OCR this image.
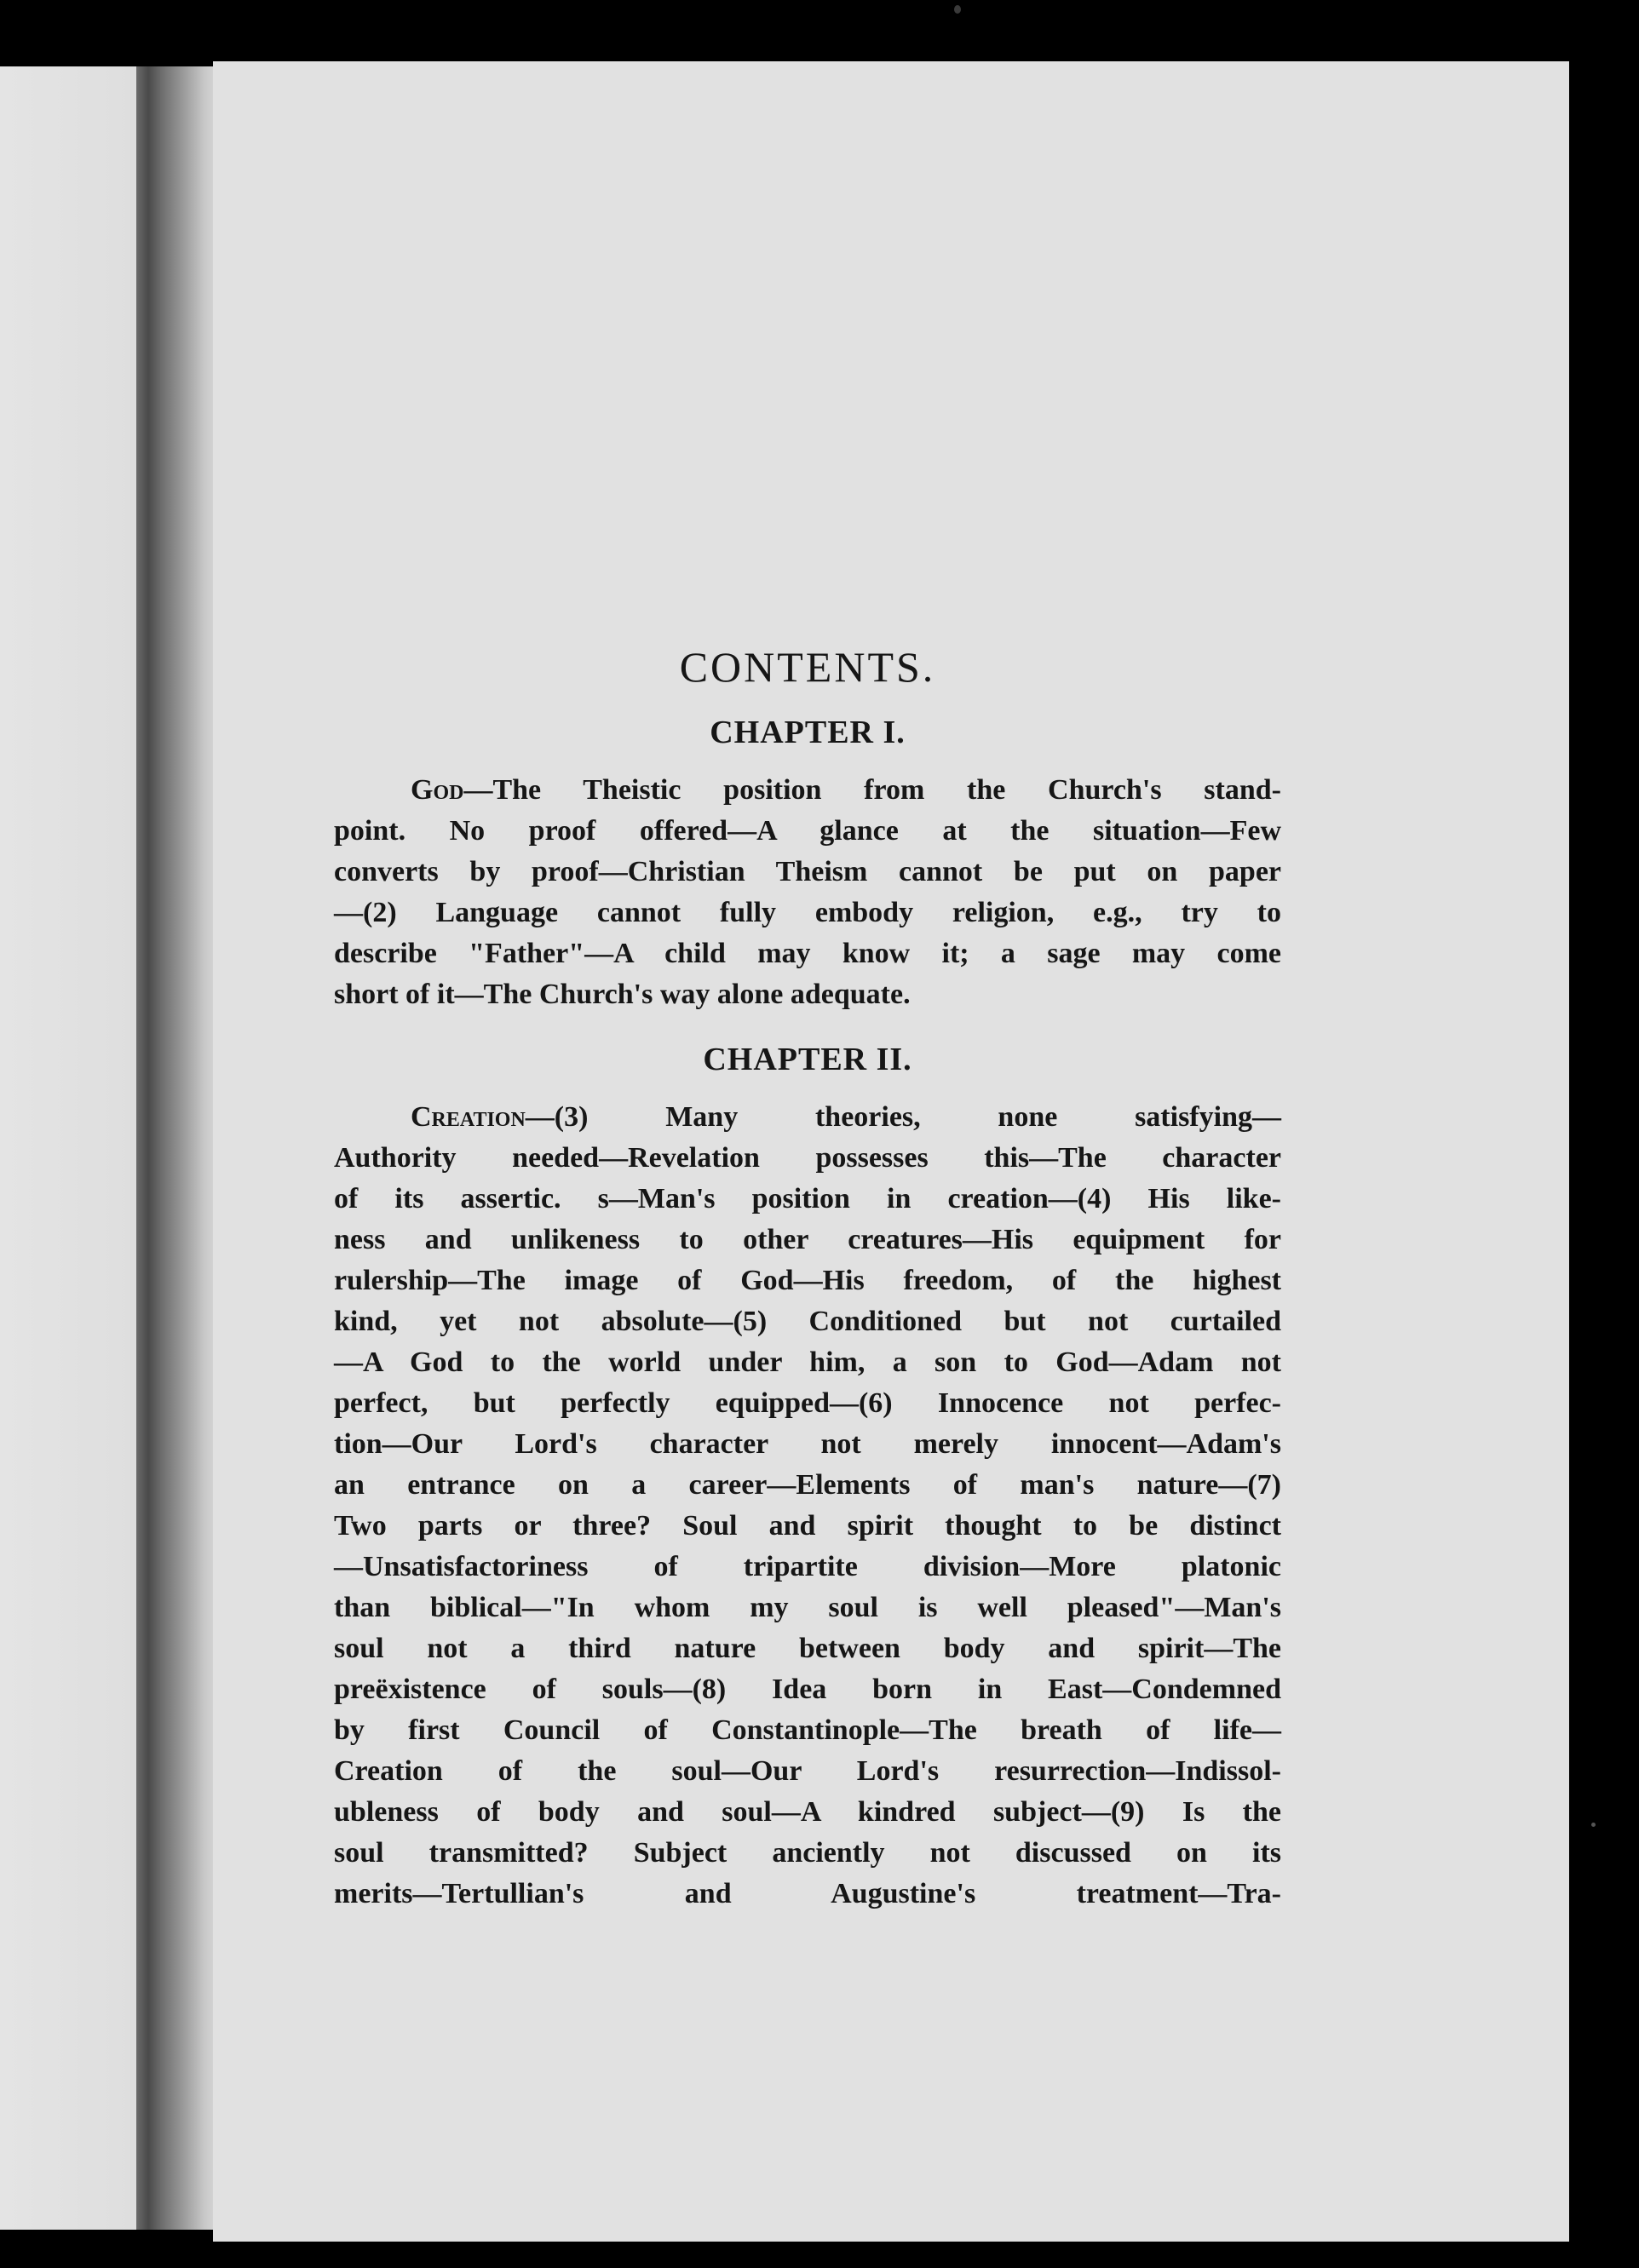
CONTENTS.
CHAPTER I.
God—The Theistic position from the Church's stand-
point. No proof offered—A glance at the situation—Few
converts by proof—Christian Theism cannot be put on paper
—(2) Language cannot fully embody religion, e.g., try to
describe "Father"—A child may know it; a sage may come
short of it—The Church's way alone adequate.
CHAPTER II.
Creation—(3) Many theories, none satisfying—
Authority needed—Revelation possesses this—The character
of its assertic. s—Man's position in creation—(4) His like-
ness and unlikeness to other creatures—His equipment for
rulership—The image of God—His freedom, of the highest
kind, yet not absolute—(5) Conditioned but not curtailed
—A God to the world under him, a son to God—Adam not
perfect, but perfectly equipped—(6) Innocence not perfec-
tion—Our Lord's character not merely innocent—Adam's
an entrance on a career—Elements of man's nature—(7)
Two parts or three? Soul and spirit thought to be distinct
—Unsatisfactoriness of tripartite division—More platonic
than biblical—"In whom my soul is well pleased"—Man's
soul not a third nature between body and spirit—The
preëxistence of souls—(8) Idea born in East—Condemned
by first Council of Constantinople—The breath of life—
Creation of the soul—Our Lord's resurrection—Indissol-
ubleness of body and soul—A kindred subject—(9) Is the
soul transmitted? Subject anciently not discussed on its
merits—Tertullian's and Augustine's treatment—Tra-
